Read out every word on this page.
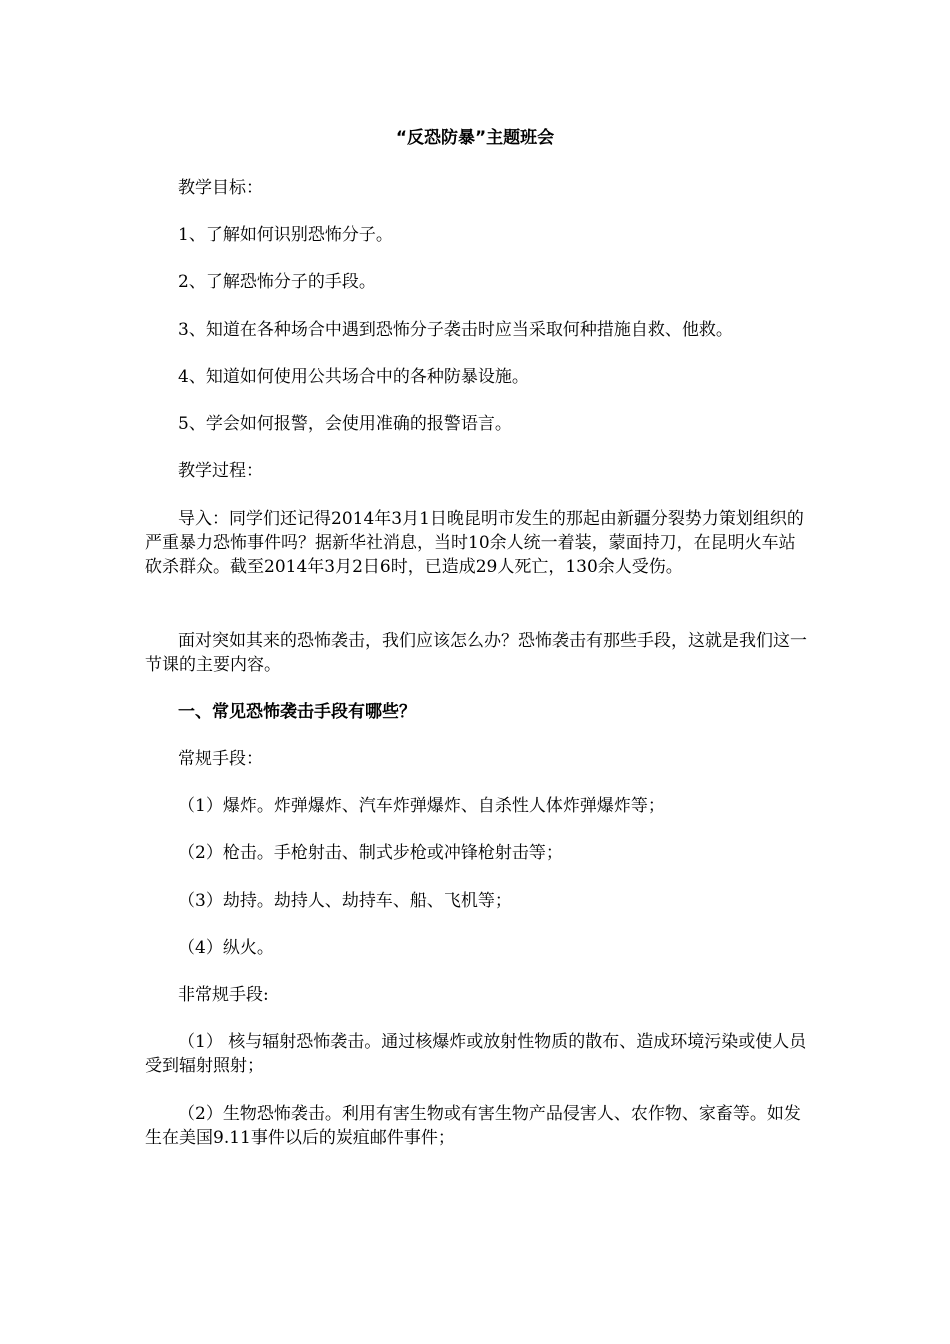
“反恐防暴”主题班会
教学目标：
1、了解如何识别恐怖分子。
2、了解恐怖分子的手段。
3、知道在各种场合中遇到恐怖分子袭击时应当采取何种措施自救、他救。
4、知道如何使用公共场合中的各种防暴设施。
5、学会如何报警，会使用准确的报警语言。
教学过程：
导入：同学们还记得2014年3月1日晚昆明市发生的那起由新疆分裂势力策划组织的严重暴力恐怖事件吗？据新华社消息，当时10余人统一着装，蒙面持刀，在昆明火车站砍杀群众。截至2014年3月2日6时，已造成29人死亡，130余人受伤。
面对突如其来的恐怖袭击，我们应该怎么办？恐怖袭击有那些手段，这就是我们这一节课的主要内容。
一、常见恐怖袭击手段有哪些？
常规手段：
（1）爆炸。炸弹爆炸、汽车炸弹爆炸、自杀性人体炸弹爆炸等；
（2）枪击。手枪射击、制式步枪或冲锋枪射击等；
（3）劫持。劫持人、劫持车、船、飞机等；
（4）纵火。
非常规手段:
（1） 核与辐射恐怖袭击。通过核爆炸或放射性物质的散布、造成环境污染或使人员受到辐射照射；
（2）生物恐怖袭击。利用有害生物或有害生物产品侵害人、农作物、家畜等。如发生在美国9.11事件以后的炭疽邮件事件；
